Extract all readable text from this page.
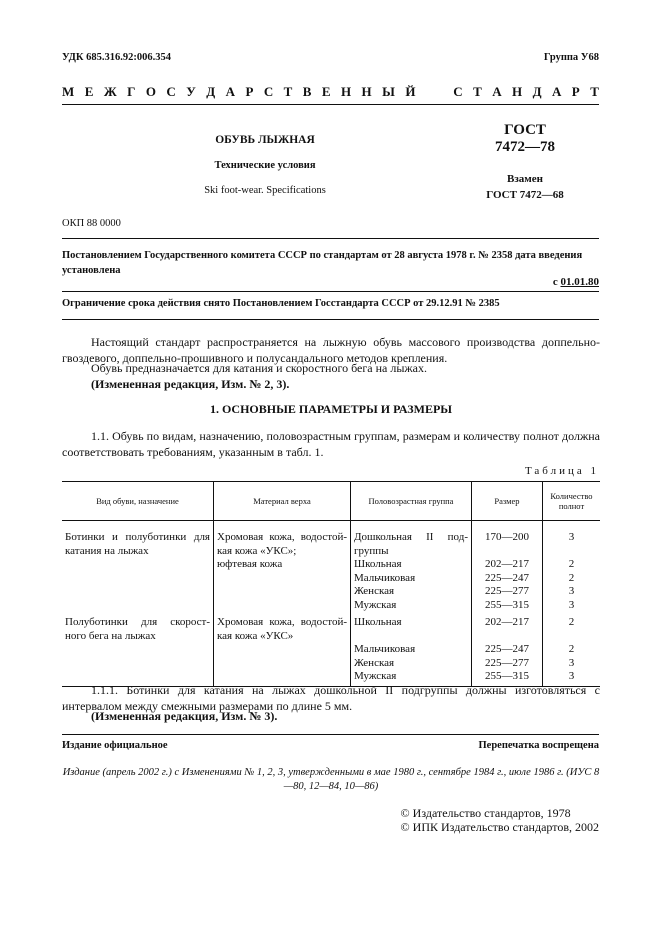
УДК 685.316.92:006.354	Группа У68
М Е Ж Г О С У Д А Р С Т В Е Н Н Ы Й

	С Т А Н Д А Р Т
ОБУВЬ ЛЫЖНАЯ
Технические условия
Ski foot-wear. Specifications
ГОСТ
7472—78
Взамен
ГОСТ 7472—68
ОКП 88 0000
Постановлением Государственного комитета СССР по стандартам от 28 августа 1978 г. № 2358 дата введения установлена
с 01.01.80
Ограничение срока действия снято Постановлением Госстандарта СССР от 29.12.91 № 2385
Настоящий стандарт распространяется на лыжную обувь массового производства доппельно-гвоздевого, доппельно-прошивного и полусандального методов крепления.
Обувь предназначается для катания и скоростного бега на лыжах.
(Измененная редакция, Изм. № 2, 3).
1. ОСНОВНЫЕ ПАРАМЕТРЫ И РАЗМЕРЫ
1.1. Обувь по видам, назначению, половозрастным группам, размерам и количеству полнот должна соответствовать требованиям, указанным в табл. 1.
Таблица 1
Вид обуви, назначение	Материал верха	Половозрастная группа	Размер	Количество полнот
Ботинки и полуботинки для катания на лыжах	Хромовая кожа, водостой-кая кожа «УКС»;	Дошкольная II под-группы	170—200	3
	юфтевая кожа	Школьная	202—217	2
		Мальчиковая	225—247	2
		Женская	225—277	3
		Мужская	255—315	3
Полуботинки для скорост-ного бега на лыжах	Хромовая кожа, водостой-кая кожа «УКС»	Школьная	202—217	2
		Мальчиковая	225—247	2
		Женская	225—277	3
		Мужская	255—315	3
1.1.1. Ботинки для катания на лыжах дошкольной II подгруппы должны изготовляться с интервалом между смежными размерами по длине 5 мм.
(Измененная редакция, Изм. № 3).
Издание официальное	Перепечатка воспрещена
Издание (апрель 2002 г.) с Изменениями № 1, 2, 3, утвержденными в мае 1980 г., сентябре 1984 г., июле 1986 г. (ИУС 8—80, 12—84, 10—86)
© Издательство стандартов, 1978
© ИПК Издательство стандартов, 2002
